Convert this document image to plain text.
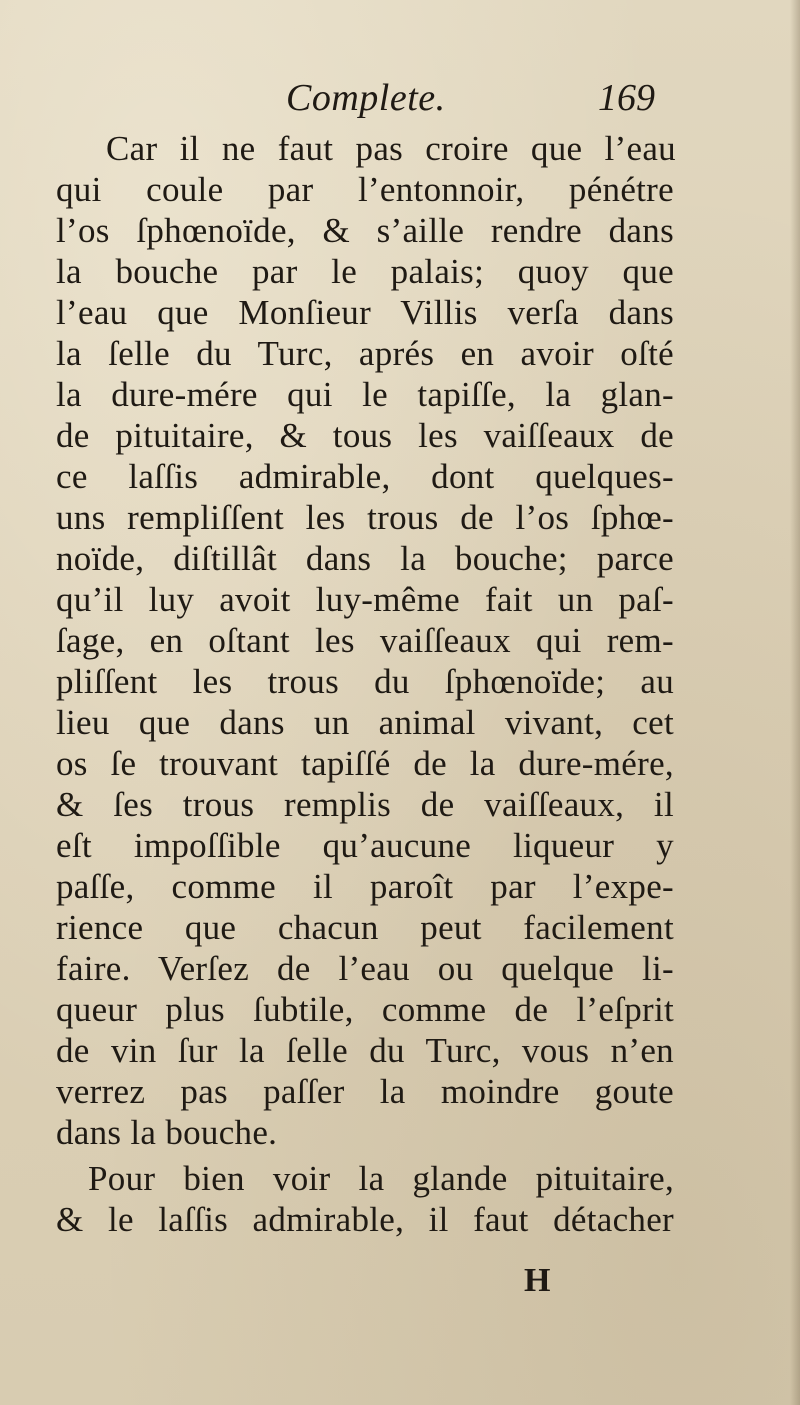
Complete.	169
Car il ne faut pas croire que l’eau
qui coule par l’entonnoir, pénétre
l’os ſphœnoïde, & s’aille rendre dans
la bouche par le palais; quoy que
l’eau que Monſieur Villis verſa dans
la ſelle du Turc, aprés en avoir oſté
la dure-mére qui le tapiſſe, la glan-
de pituitaire, & tous les vaiſſeaux de
ce laſſis admirable, dont quelques-
uns rempliſſent les trous de l’os ſphœ-
noïde, diſtillât dans la bouche; parce
qu’il luy avoit luy-même fait un paſ-
ſage, en oſtant les vaiſſeaux qui rem-
pliſſent les trous du ſphœnoïde; au
lieu que dans un animal vivant, cet
os ſe trouvant tapiſſé de la dure-mére,
& ſes trous remplis de vaiſſeaux, il
eſt impoſſible qu’aucune liqueur y
paſſe, comme il paroît par l’expe-
rience que chacun peut facilement
faire. Verſez de l’eau ou quelque li-
queur plus ſubtile, comme de l’eſprit
de vin ſur la ſelle du Turc, vous n’en
verrez pas paſſer la moindre goute
dans la bouche.
Pour bien voir la glande pituitaire,
& le laſſis admirable, il faut détacher
H
